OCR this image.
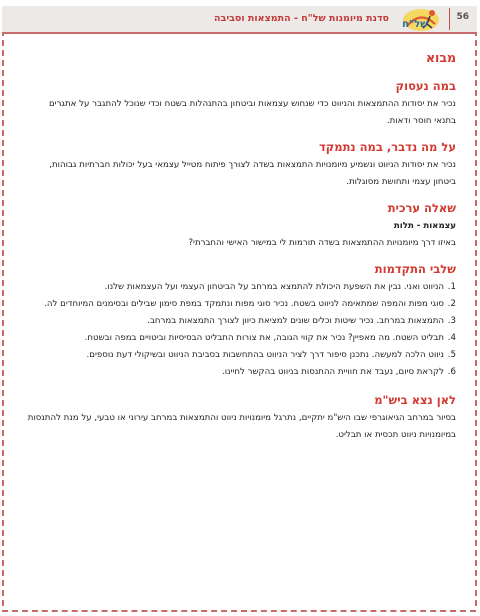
56
של"ח
סדנת מיומנות של"ח - התמצאות וסביבה
מבוא
במה נעסוק

נכיר את יסודות ההתמצאות והניווט כדי שנחוש עצמאות וביטחון בהתנהלות בשטח וכדי שנוכל להתגבר על אתגרים בתנאי חוסר ודאות.

על מה נדבר, במה נתמקד

נכיר את יסודות הניווט ונשמיע מיומנויות התמצאות בשדה לצורך פיתוח מטייל עצמאי בעל יכולות חברתיות גבוהות, ביטחון עצמי ותחושת מסוגלות.

שאלה ערכית
עצמאות - תלות

באיזו דרך מיומנויות ההתמצאות בשדה תורמות לי במישור האישי והחברתי?

שלבי התקדמות
1.
הניווט ואני. נבין את השפעת היכולת להתמצא במרחב על הביטחון העצמי ועל העצמאות שלנו.
2.
סוגי מפות והמפה שמתאימה לניווט בשטח. נכיר סוגי מפות ונתמקד במפת סימון שבילים ובסימנים המיוחדים לה.
3.
התמצאות במרחב. נכיר שיטות וכלים שונים למציאת כיוון לצורך התמצאות במרחב.
4.
תבליט השטח. מה מאפיין? נכיר את קווי הגובה, את צורות התבליט הבסיסיות וביטויים במפה ובשטח.
5.
ניווט הלכה למעשה. נתכנן סיפור דרך לציר הניווט בהתחשבות בסביבת הניווט ובשיקולי דעת נוספים.
6.
לקראת סיום, נעבד את חוויית ההתנסות בניווט בהקשר לחיינו.
לאן נצא ביש"מ

בסיור במרחב הגיאוגרפי שבו היש"מ יתקיים, נתרגל מיומנויות ניווט והתמצאות במרחב עירוני או טבעי, על מנת להתנסות במיומנויות ניווט תכסית או תבליט.
